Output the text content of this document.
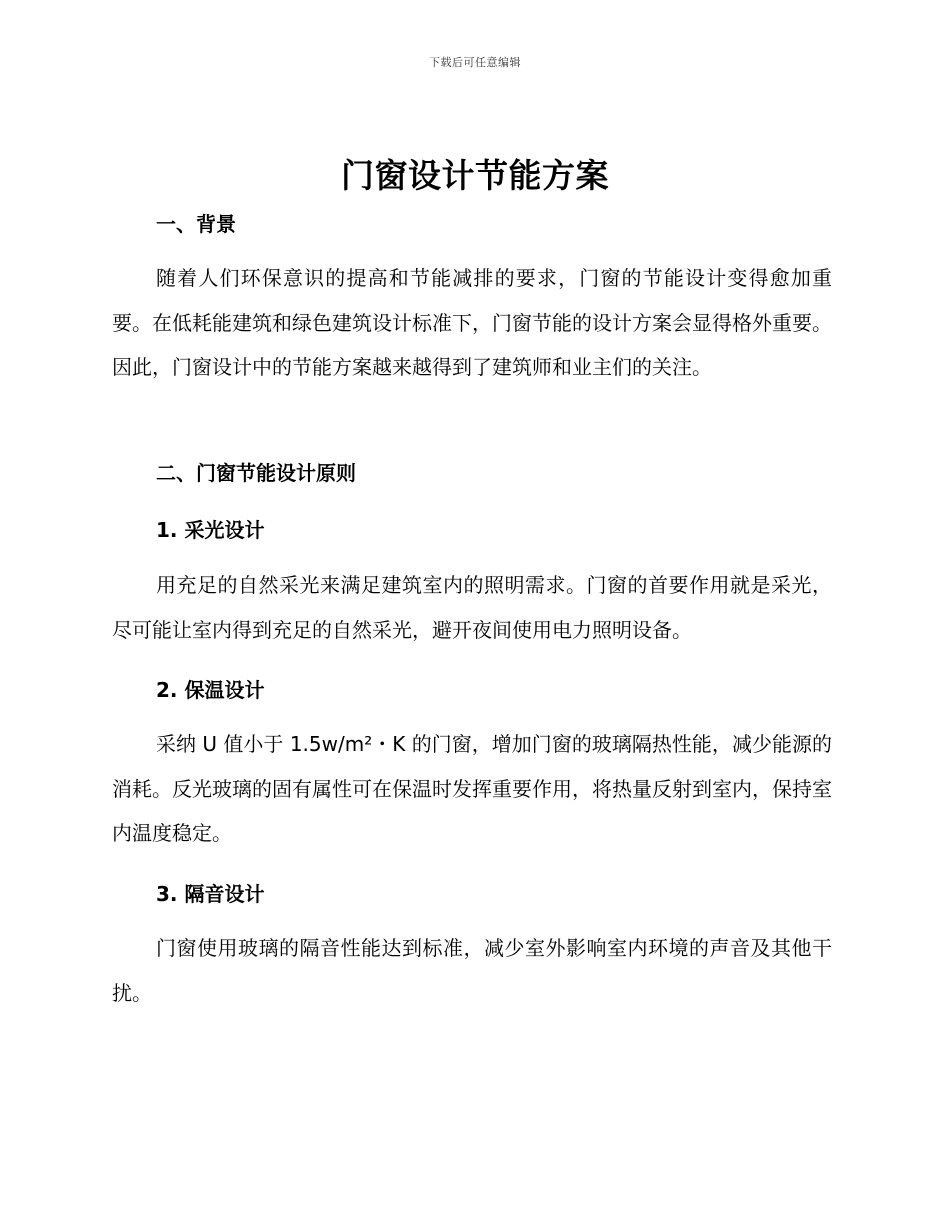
下载后可任意编辑
门窗设计节能方案
一、背景

随着人们环保意识的提高和节能减排的要求，门窗的节能设计变得愈加重要。在低耗能建筑和绿色建筑设计标准下，门窗节能的设计方案会显得格外重要。因此，门窗设计中的节能方案越来越得到了建筑师和业主们的关注。

二、门窗节能设计原则
1. 采光设计

用充足的自然采光来满足建筑室内的照明需求。门窗的首要作用就是采光，尽可能让室内得到充足的自然采光，避开夜间使用电力照明设备。

2. 保温设计

采纳 U 值小于 1.5w/m²・K 的门窗，增加门窗的玻璃隔热性能，减少能源的消耗。反光玻璃的固有属性可在保温时发挥重要作用，将热量反射到室内，保持室内温度稳定。

3. 隔音设计

门窗使用玻璃的隔音性能达到标准，减少室外影响室内环境的声音及其他干扰。
